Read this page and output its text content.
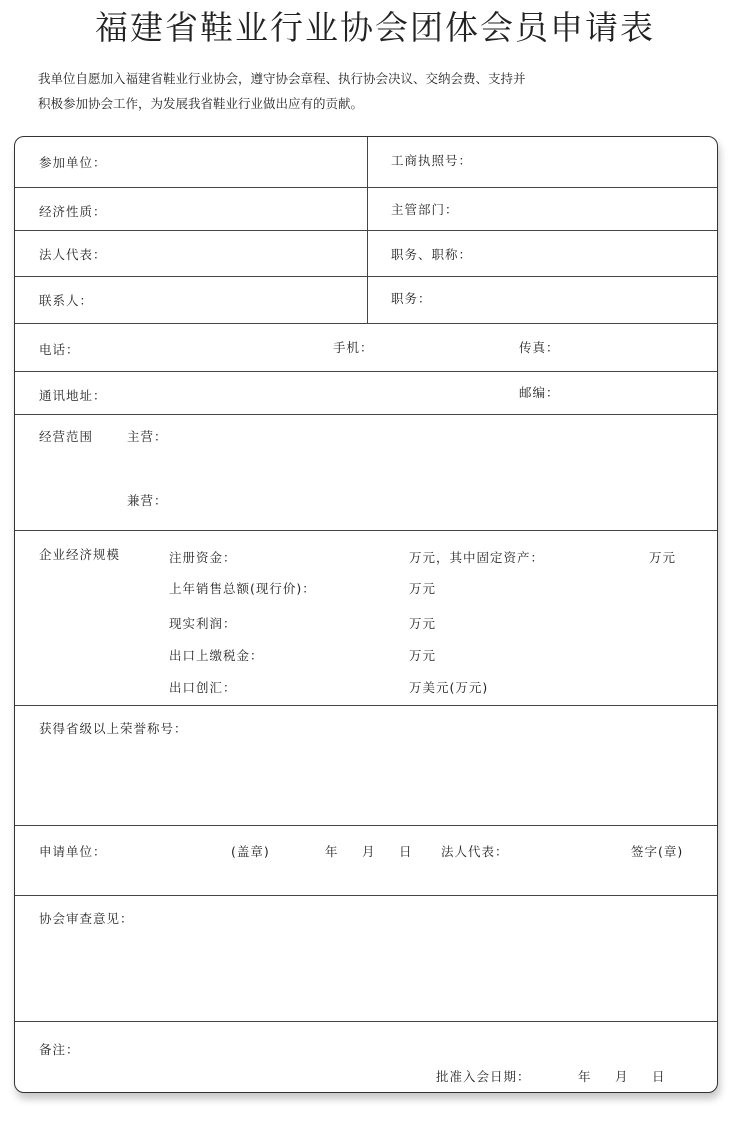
福建省鞋业行业协会团体会员申请表
我单位自愿加入福建省鞋业行业协会，遵守协会章程、执行协会决议、交纳会费、支持并
积极参加协会工作，为发展我省鞋业行业做出应有的贡献。
参加单位：	工商执照号：
经济性质：	主管部门：
法人代表：	职务、职称：
联系人：	职务：
电话：	手机：	传真：
通讯地址：	邮编：
经营范围	主营：
兼营：
企业经济规模	注册资金：	万元，其中固定资产：	万元
上年销售总额(现行价)：	万元
现实利润：	万元
出口上缴税金：	万元
出口创汇：	万美元(万元)
获得省级以上荣誉称号：
申请单位：	(盖章)	年 月 日 法人代表：	签字(章)
协会审查意见：
备注：
批准入会日期：	年 月 日
